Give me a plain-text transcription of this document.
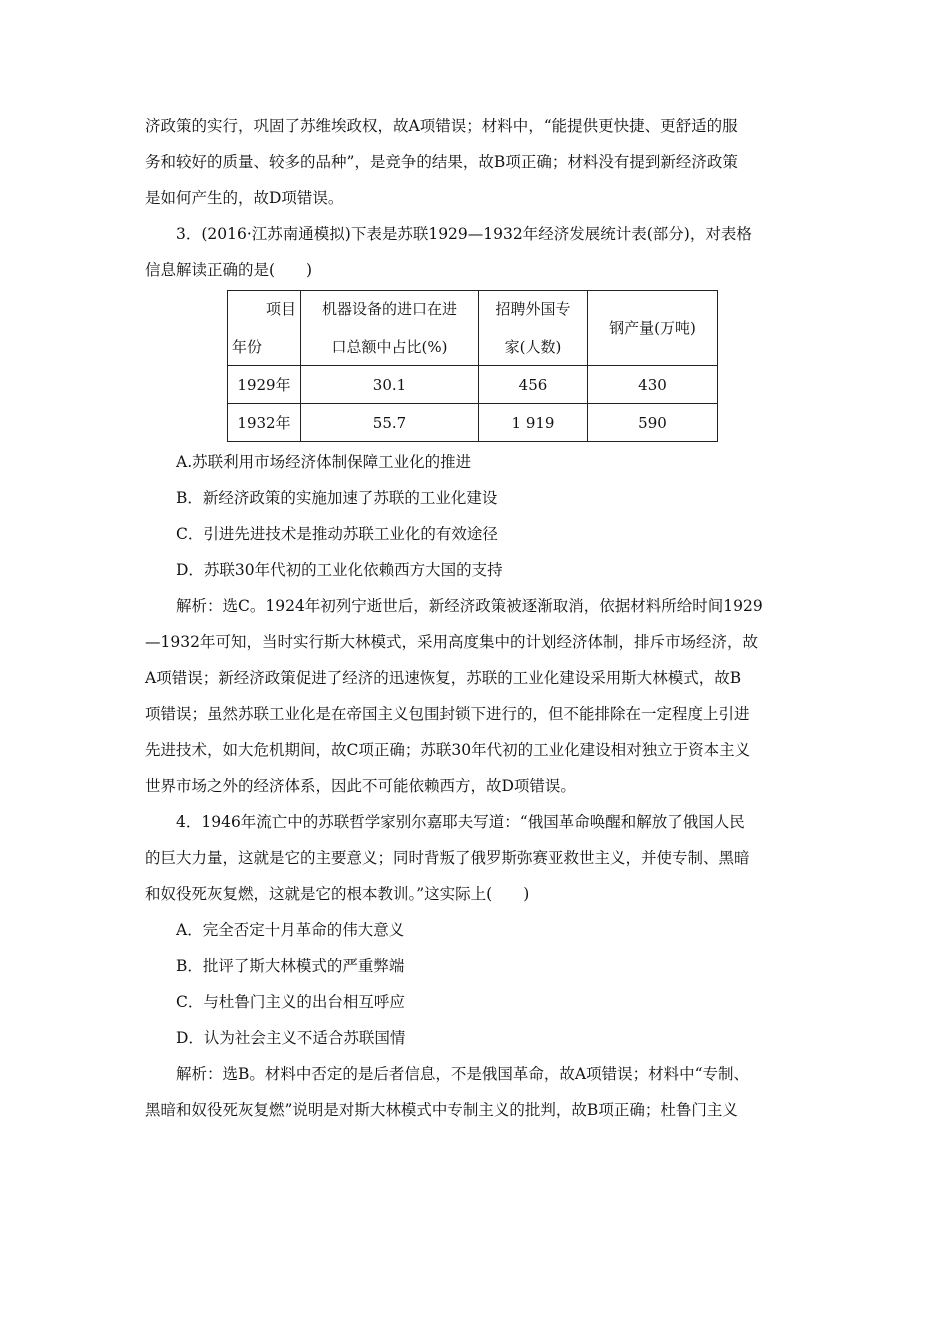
济政策的实行，巩固了苏维埃政权，故A项错误；材料中，“能提供更快捷、更舒适的服

务和较好的质量、较多的品种”，是竞争的结果，故B项正确；材料没有提到新经济政策

是如何产生的，故D项错误。

3．(2016·江苏南通模拟)下表是苏联1929—1932年经济发展统计表(部分)，对表格

信息解读正确的是(　　)

项目
年份	机器设备的进口在进
口总额中占比(%)	招聘外国专
家(人数)	钢产量(万吨)
1929年	30.1	456	430
1932年	55.7	1 919	590

A.苏联利用市场经济体制保障工业化的推进

B．新经济政策的实施加速了苏联的工业化建设

C．引进先进技术是推动苏联工业化的有效途径

D．苏联30年代初的工业化依赖西方大国的支持

解析：选C。1924年初列宁逝世后，新经济政策被逐渐取消，依据材料所给时间1929

—1932年可知，当时实行斯大林模式，采用高度集中的计划经济体制，排斥市场经济，故

A项错误；新经济政策促进了经济的迅速恢复，苏联的工业化建设采用斯大林模式，故B

项错误；虽然苏联工业化是在帝国主义包围封锁下进行的，但不能排除在一定程度上引进

先进技术，如大危机期间，故C项正确；苏联30年代初的工业化建设相对独立于资本主义

世界市场之外的经济体系，因此不可能依赖西方，故D项错误。

4．1946年流亡中的苏联哲学家别尔嘉耶夫写道：“俄国革命唤醒和解放了俄国人民

的巨大力量，这就是它的主要意义；同时背叛了俄罗斯弥赛亚救世主义，并使专制、黑暗

和奴役死灰复燃，这就是它的根本教训。”这实际上(　　)

A．完全否定十月革命的伟大意义

B．批评了斯大林模式的严重弊端

C．与杜鲁门主义的出台相互呼应

D．认为社会主义不适合苏联国情

解析：选B。材料中否定的是后者信息，不是俄国革命，故A项错误；材料中“专制、

黑暗和奴役死灰复燃”说明是对斯大林模式中专制主义的批判，故B项正确；杜鲁门主义
